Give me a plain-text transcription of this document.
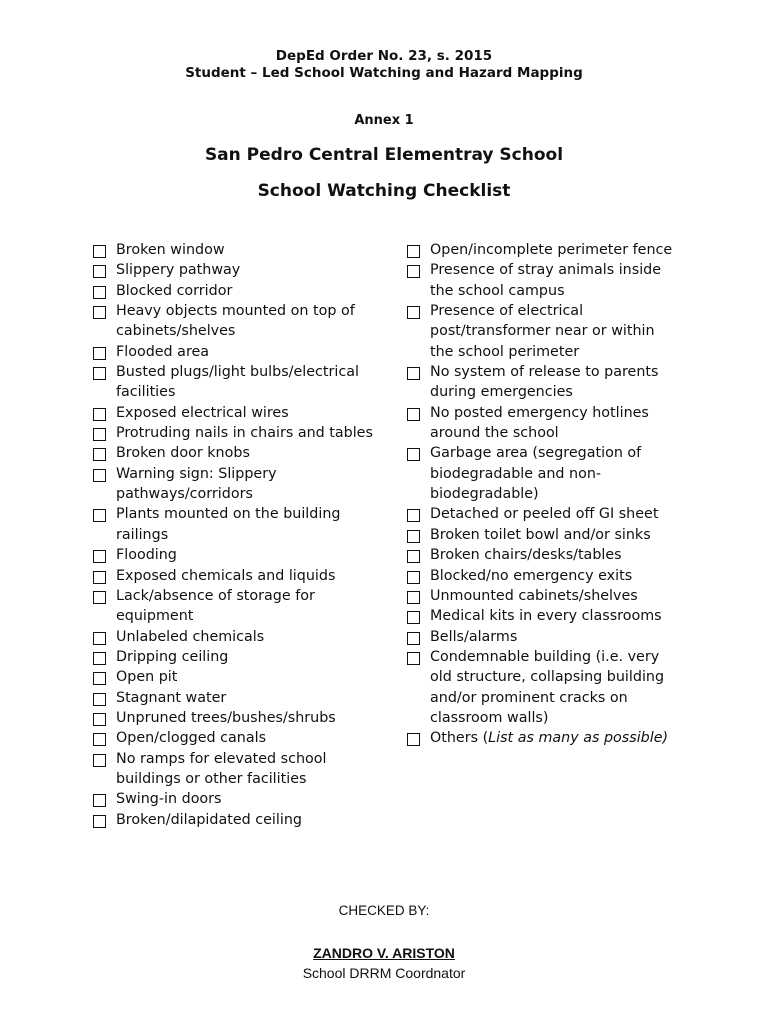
DepEd Order No. 23, s. 2015
Student – Led School Watching and Hazard Mapping
Annex 1
San Pedro Central Elementray School
School Watching Checklist
Broken window
Slippery pathway
Blocked corridor
Heavy objects mounted on top of cabinets/shelves
Flooded area
Busted plugs/light bulbs/electrical facilities
Exposed electrical wires
Protruding nails in chairs and tables
Broken door knobs
Warning sign: Slippery pathways/corridors
Plants mounted on the building railings
Flooding
Exposed chemicals and liquids
Lack/absence of storage for equipment
Unlabeled chemicals
Dripping ceiling
Open pit
Stagnant water
Unpruned trees/bushes/shrubs
Open/clogged canals
No ramps for elevated school buildings or other facilities
Swing-in doors
Broken/dilapidated ceiling
Open/incomplete perimeter fence
Presence of stray animals inside the school campus
Presence of electrical post/transformer near or within the school perimeter
No system of release to parents during emergencies
No posted emergency hotlines around the school
Garbage area (segregation of biodegradable and non-biodegradable)
Detached or peeled off GI sheet
Broken toilet bowl and/or sinks
Broken chairs/desks/tables
Blocked/no emergency exits
Unmounted cabinets/shelves
Medical kits in every classrooms
Bells/alarms
Condemnable building (i.e. very old structure, collapsing building and/or prominent cracks on classroom walls)
Others (List as many as possible)
CHECKED BY:
ZANDRO V. ARISTON
School DRRM Coordnator
